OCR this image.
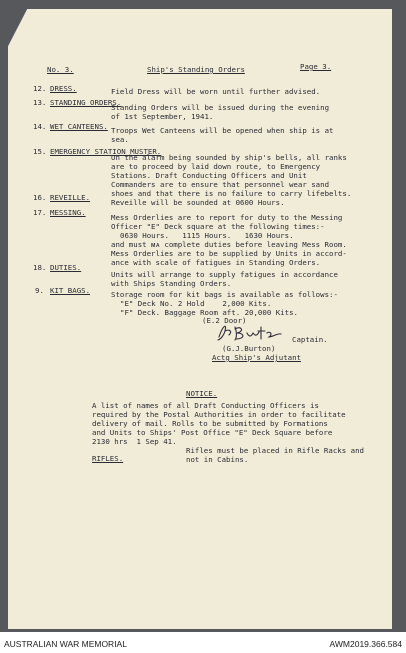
No. 3.	Ship's Standing Orders	Page 3.
12. DRESS.	Field Dress will be worn until further advised.
13. STANDING ORDERS.
Standing Orders will be issued during the evening
of 1st September, 1941.
14. WET CANTEENS. Troops Wet Canteens will be opened when ship is at
sea.
15. EMERGENCY STATION MUSTER.
On the alarm being sounded by ship's bells, all ranks
are to proceed by laid down route, to Emergency
Stations. Draft Conducting Officers and Unit
Commanders are to ensure that personnel wear sand
shoes and that there is no failure to carry lifebelts.
16. REVEILLE.
Reveille will be sounded at 0600 Hours.
17. MESSING.
Mess Orderlies are to report for duty to the Messing
Officer "E" Deck square at the following times:-
0630 Hours.   1115 Hours.   1630 Hours.
and must ᴍᴀ complete duties before leaving Mess Room.
Mess Orderlies are to be supplied by Units in accord-
ance with scale of fatigues in Standing Orders.
18. DUTIES.
Units will arrange to supply fatigues in accordance
with Ships Standing Orders.
9. KIT BAGS.	Storage room for kit bags is available as follows:-
"E" Deck No. 2 Hold    2,000 Kits.
"F" Deck. Baggage Room aft. 20,000 Kits.
(E.2 Door)
Captain.
(G.J.Burton)
Actg Ship's Adjutant
NOTICE.
A list of names of all Draft Conducting Officers is
required by the Postal Authorities in order to facilitate
delivery of mail. Rolls to be submitted by Formations
and Units to Ships' Post Office "E" Deck Square before
2130 hrs  1 Sep 41.
RIFLES.
Rifles must be placed in Rifle Racks and
not in Cabins.
AUSTRALIAN WAR MEMORIAL	AWM2019.366.584
